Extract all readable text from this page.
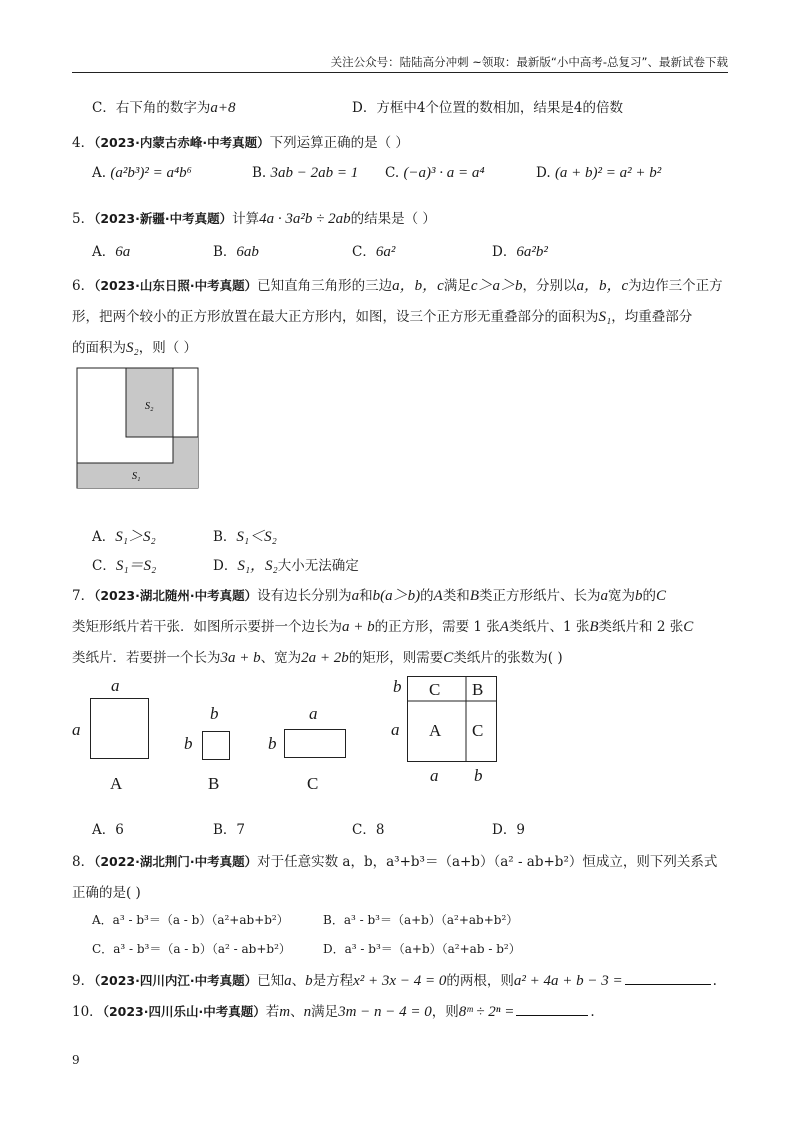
关注公众号：陆陆高分冲刺 ~领取：最新版“小中高考-总复习”、最新试卷下载
C．右下角的数字为a+8	D．方框中4个位置的数相加，结果是4的倍数
4．（2023·内蒙古赤峰·中考真题）下列运算正确的是（ ）
A. (a²b³)² = a⁴b⁶	B. 3ab − 2ab = 1 C. (−a)³ · a = a⁴	D. (a + b)² = a² + b²
5．（2023·新疆·中考真题）计算4a · 3a²b ÷ 2ab的结果是（ ）
A．6a	B．6ab	C．6a²	D．6a²b²
6．（2023·山东日照·中考真题）已知直角三角形的三边a，b，c满足c＞a＞b，分别以a，b，c为边作三个正方
形，把两个较小的正方形放置在最大正方形内，如图，设三个正方形无重叠部分的面积为S₁，均重叠部分
的面积为S₂，则（ ）
S₂
S₁
A．S₁＞S₂	B．S₁＜S₂
C．S₁＝S₂	D．S₁，S₂大小无法确定
7．（2023·湖北随州·中考真题）设有边长分别为a和b(a＞b)的A类和B类正方形纸片、长为a宽为b的C
类矩形纸片若干张．如图所示要拼一个边长为a + b的正方形，需要 1 张A类纸片、1 张B类纸片和 2 张C
类纸片．若要拼一个长为3a + b、宽为2a + 2b的矩形，则需要C类纸片的张数为( )
a
a
A
b
b
B
a
b
C
b
a
C B
A C
a b
A．6	B．7	C．8	D．9
8．（2022·湖北荆门·中考真题）对于任意实数 a，b，a³+b³＝（a+b）（a² - ab+b²）恒成立，则下列关系式
正确的是( )
A．a³ - b³＝（a - b）（a²+ab+b²）	B．a³ - b³＝（a+b）（a²+ab+b²）
C．a³ - b³＝（a - b）（a² - ab+b²）	D．a³ - b³＝（a+b）（a²+ab - b²）
9．（2023·四川内江·中考真题）已知a、b是方程x² + 3x − 4 = 0的两根，则a² + 4a + b − 3 =	.
10．（2023·四川乐山·中考真题）若m、n满足3m − n − 4 = 0，则8ᵐ ÷ 2ⁿ =	.
9
